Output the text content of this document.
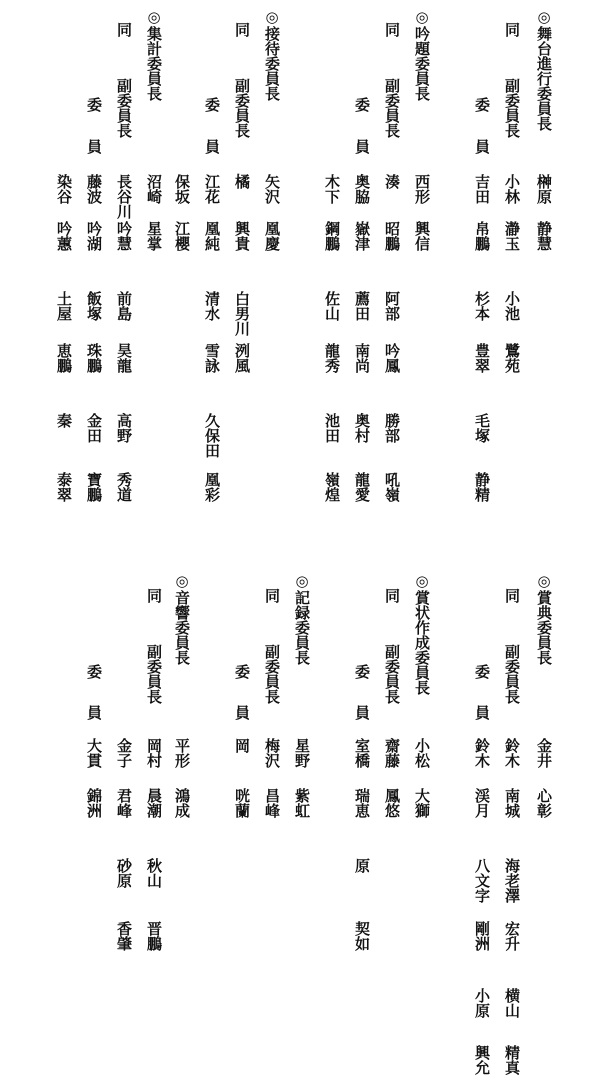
◎舞台進行委員長
榊原
静慧
同
副委員長
小林
瀞玉
小池
鷺苑
委
員
吉田
帛鵬
杉本
豊翠
毛塚
静精
◎吟題委員長
西形
興信
同
副委員長
湊
昭鵬
阿部
吟鳳
勝部
吼嶺
委
員
奥脇
嶽津
薦田
南尚
奥村
龍愛
木下
鋼鵬
佐山
龍秀
池田
嶺煌
◎接待委員長
矢沢
凰慶
同
副委員長
橘
興貴
白男川
洌風
委
員
江花
凰純
清水
雪詠
久保田
凰彩
保坂
江櫻
◎集計委員長
沼崎
星掌
同
副委員長
長谷川
吟慧
前島
昊龍
高野
秀道
委
員
藤波
吟湖
飯塚
珠鵬
金田
寶鵬
染谷
吟蕙
土屋
恵鵬
秦
泰翠
◎賞典委員長
金井
心彰
同
副委員長
鈴木
南城
海老澤
宏升
横山
精真
委
員
鈴木
渓月
八文字
剛洲
小原
興允
◎賞状作成委員長
小松
大獅
同
副委員長
齋藤
鳳悠
委
員
室橋
瑞恵
原
契如
◎記録委員長
星野
紫虹
同
副委員長
梅沢
昌峰
委
員
岡
咣蘭
◎音響委員長
平形
鴻成
同
副委員長
岡村
晨潮
秋山
晋鵬
金子
君峰
砂原
香肇
委
員
大貫
錦洲
